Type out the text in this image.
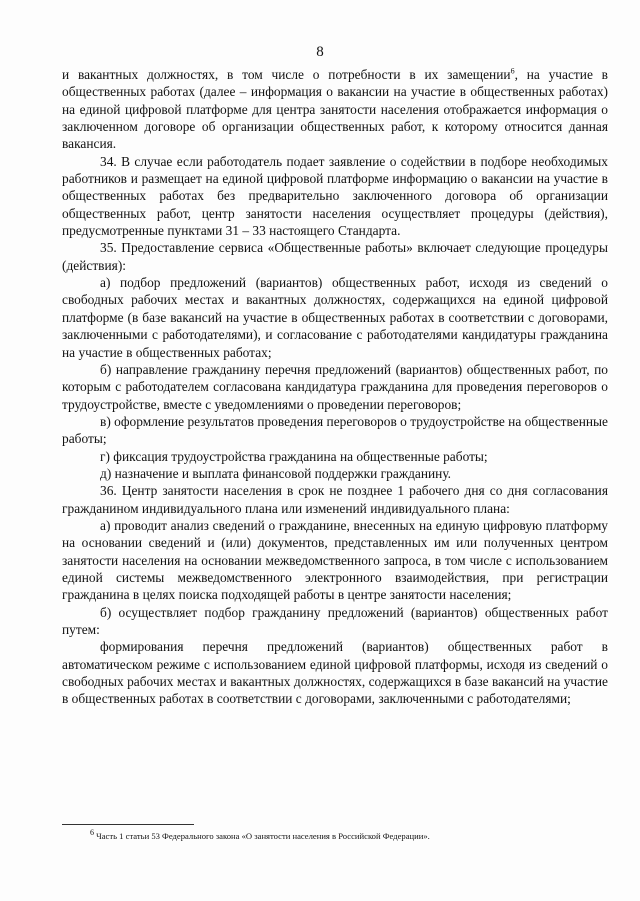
8

и вакантных должностях, в том числе о потребности в их замещении$^6$, на участие в общественных работах (далее – информация о вакансии на участие в общественных работах) на единой цифровой платформе для центра занятости населения отображается информация о заключенном договоре об организации общественных работ, к которому относится данная вакансия.

34. В случае если работодатель подает заявление о содействии в подборе необходимых работников и размещает на единой цифровой платформе информацию о вакансии на участие в общественных работах без предварительно заключенного договора об организации общественных работ, центр занятости населения осуществляет процедуры (действия), предусмотренные пунктами 31 – 33 настоящего Стандарта.

35. Предоставление сервиса «Общественные работы» включает следующие процедуры (действия):

а) подбор предложений (вариантов) общественных работ, исходя из сведений о свободных рабочих местах и вакантных должностях, содержащихся на единой цифровой платформе (в базе вакансий на участие в общественных работах в соответствии с договорами, заключенными с работодателями), и согласование с работодателями кандидатуры гражданина на участие в общественных работах;

б) направление гражданину перечня предложений (вариантов) общественных работ, по которым с работодателем согласована кандидатура гражданина для проведения переговоров о трудоустройстве, вместе с уведомлениями о проведении переговоров;

в) оформление результатов проведения переговоров о трудоустройстве на общественные работы;

г) фиксация трудоустройства гражданина на общественные работы;

д) назначение и выплата финансовой поддержки гражданину.

36. Центр занятости населения в срок не позднее 1 рабочего дня со дня согласования гражданином индивидуального плана или изменений индивидуального плана:

а) проводит анализ сведений о гражданине, внесенных на единую цифровую платформу на основании сведений и (или) документов, представленных им или полученных центром занятости населения на основании межведомственного запроса, в том числе с использованием единой системы межведомственного электронного взаимодействия, при регистрации гражданина в целях поиска подходящей работы в центре занятости населения;

б) осуществляет подбор гражданину предложений (вариантов) общественных работ путем:

формирования перечня предложений (вариантов) общественных работ в автоматическом режиме с использованием единой цифровой платформы, исходя из сведений о свободных рабочих местах и вакантных должностях, содержащихся в базе вакансий на участие в общественных работах в соответствии с договорами, заключенными с работодателями;

$^6$ Часть 1 статьи 53 Федерального закона «О занятости населения в Российской Федерации».
